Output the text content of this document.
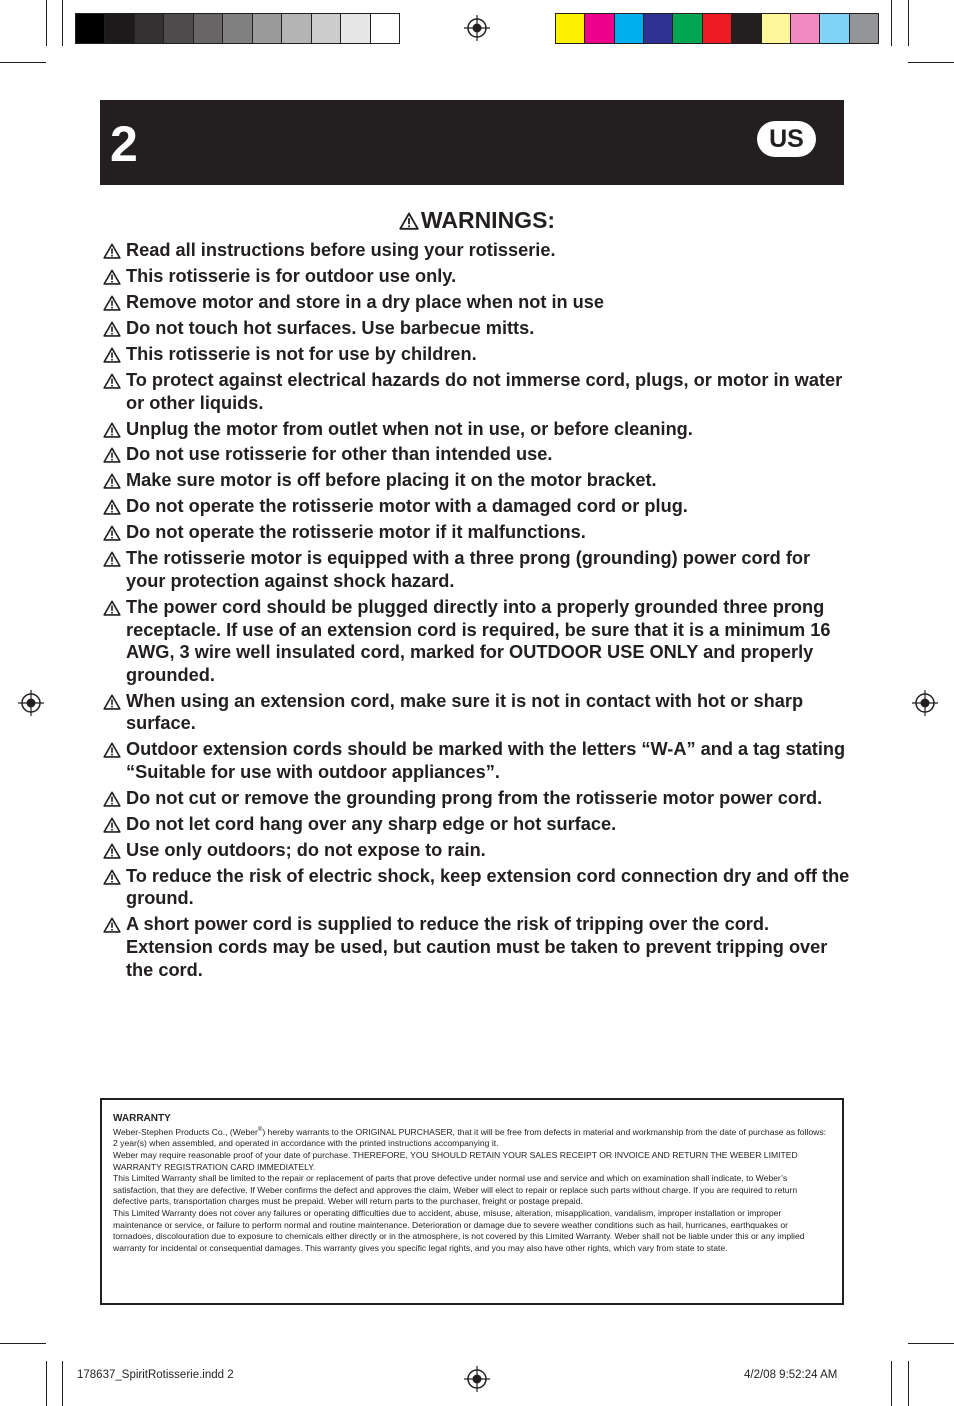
2	US
WARNINGS:
Read all instructions before using your rotisserie.
This rotisserie is for outdoor use only.
Remove motor and store in a dry place when not in use
Do not touch hot surfaces. Use barbecue mitts.
This rotisserie is not for use by children.
To protect against electrical hazards do not immerse cord, plugs, or motor in water or other liquids.
Unplug the motor from outlet when not in use, or before cleaning.
Do not use rotisserie for other than intended use.
Make sure motor is off before placing it on the motor bracket.
Do not operate the rotisserie motor with a damaged cord or plug.
Do not operate the rotisserie motor if it malfunctions.
The rotisserie motor is equipped with a three prong (grounding) power cord for your protection against shock hazard.
The power cord should be plugged directly into a properly grounded three prong receptacle. If use of an extension cord is required, be sure that it is a minimum 16 AWG, 3 wire well insulated cord, marked for OUTDOOR USE ONLY and properly grounded.
When using an extension cord, make sure it is not in contact with hot or sharp surface.
Outdoor extension cords should be marked with the letters “W-A” and a tag stating “Suitable for use with outdoor appliances”.
Do not cut or remove the grounding prong from the rotisserie motor power cord.
Do not let cord hang over any sharp edge or hot surface.
Use only outdoors; do not expose to rain.
To reduce the risk of electric shock, keep extension cord connection dry and off the ground.
A short power cord is supplied to reduce the risk of tripping over the cord. Extension cords may be used, but caution must be taken to prevent tripping over the cord.

WARRANTY

Weber-Stephen Products Co., (Weber®) hereby warrants to the ORIGINAL PURCHASER, that it will be free from defects in material and workmanship from the date of purchase as follows: 2 year(s) when assembled, and operated in accordance with the printed instructions accompanying it.

Weber may require reasonable proof of your date of purchase. THEREFORE, YOU SHOULD RETAIN YOUR SALES RECEIPT OR INVOICE AND RETURN THE WEBER LIMITED WARRANTY REGISTRATION CARD IMMEDIATELY.

This Limited Warranty shall be limited to the repair or replacement of parts that prove defective under normal use and service and which on examination shall indicate, to Weber’s satisfaction, that they are defective. If Weber confirms the defect and approves the claim, Weber will elect to repair or replace such parts without charge. If you are required to return defective parts, transportation charges must be prepaid. Weber will return parts to the purchaser, freight or postage prepaid.

This Limited Warranty does not cover any failures or operating difficulties due to accident, abuse, misuse, alteration, misapplication, vandalism, improper installation or improper maintenance or service, or failure to perform normal and routine maintenance. Deterioration or damage due to severe weather conditions such as hail, hurricanes, earthquakes or tornadoes, discolouration due to exposure to chemicals either directly or in the atmosphere, is not covered by this Limited Warranty. Weber shall not be liable under this or any implied warranty for incidental or consequential damages. This warranty gives you specific legal rights, and you may also have other rights, which vary from state to state.

178637_SpiritRotisserie.indd 2	4/2/08 9:52:24 AM
